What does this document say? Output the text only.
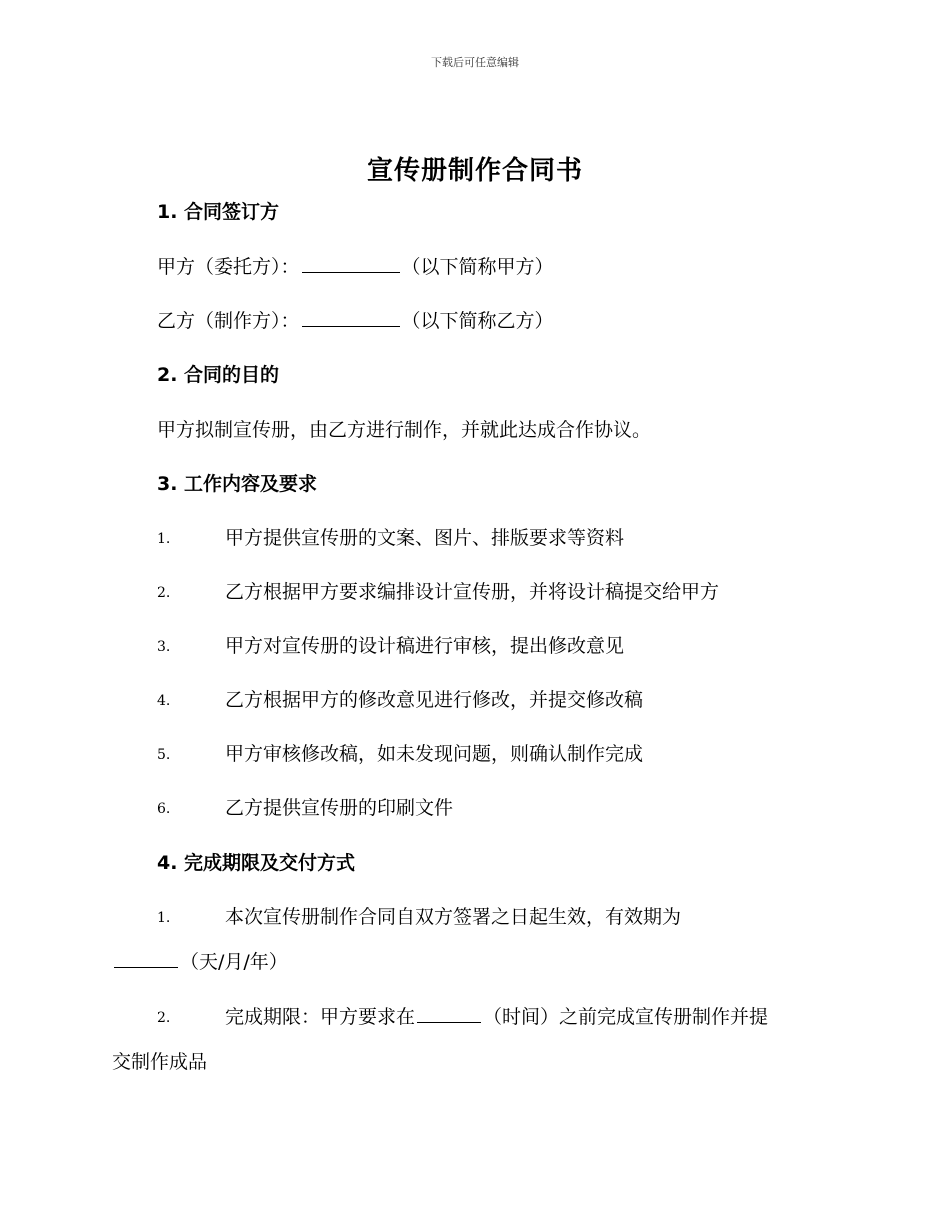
下载后可任意编辑
宣传册制作合同书
1. 合同签订方
甲方（委托方）：	（以下简称甲方）
乙方（制作方）：	（以下简称乙方）
2. 合同的目的
甲方拟制宣传册，由乙方进行制作，并就此达成合作协议。
3. 工作内容及要求
1.	甲方提供宣传册的文案、图片、排版要求等资料
2.	乙方根据甲方要求编排设计宣传册，并将设计稿提交给甲方
3.	甲方对宣传册的设计稿进行审核，提出修改意见
4.	乙方根据甲方的修改意见进行修改，并提交修改稿
5.	甲方审核修改稿，如未发现问题，则确认制作完成
6.	乙方提供宣传册的印刷文件
4. 完成期限及交付方式
1.	本次宣传册制作合同自双方签署之日起生效，有效期为
（天/月/年）
2.	完成期限：甲方要求在	（时间）之前完成宣传册制作并提
交制作成品
